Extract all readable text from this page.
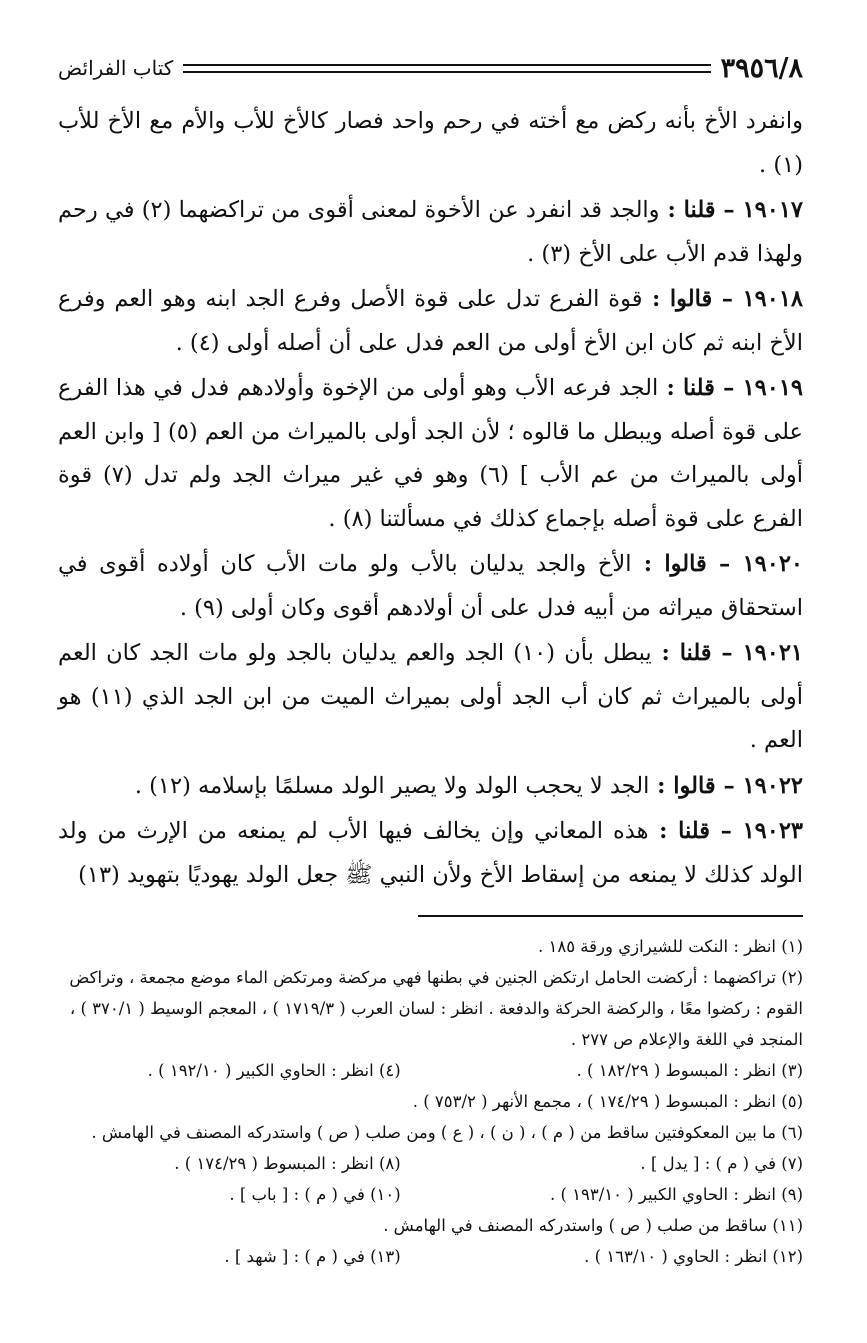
كتاب الفرائض	٣٩٥٦/٨

وانفرد الأخ بأنه ركض مع أخته في رحم واحد فصار كالأخ للأب والأم مع الأخ للأب (١) .

١٩٠١٧ – قلنا : والجد قد انفرد عن الأخوة لمعنى أقوى من تراكضهما (٢) في رحم ولهذا قدم الأب على الأخ (٣) .

١٩٠١٨ – قالوا : قوة الفرع تدل على قوة الأصل وفرع الجد ابنه وهو العم وفرع الأخ ابنه ثم كان ابن الأخ أولى من العم فدل على أن أصله أولى (٤) .

١٩٠١٩ – قلنا : الجد فرعه الأب وهو أولى من الإخوة وأولادهم فدل في هذا الفرع على قوة أصله ويبطل ما قالوه ؛ لأن الجد أولى بالميراث من العم (٥) [ وابن العم أولى بالميراث من عم الأب ] (٦) وهو في غير ميراث الجد ولم تدل (٧) قوة الفرع على قوة أصله بإجماع كذلك في مسألتنا (٨) .

١٩٠٢٠ – قالوا : الأخ والجد يدليان بالأب ولو مات الأب كان أولاده أقوى في استحقاق ميراثه من أبيه فدل على أن أولادهم أقوى وكان أولى (٩) .

١٩٠٢١ – قلنا : يبطل بأن (١٠) الجد والعم يدليان بالجد ولو مات الجد كان العم أولى بالميراث ثم كان أب الجد أولى بميراث الميت من ابن الجد الذي (١١) هو العم .

١٩٠٢٢ – قالوا : الجد لا يحجب الولد ولا يصير الولد مسلمًا بإسلامه (١٢) .

١٩٠٢٣ – قلنا : هذه المعاني وإن يخالف فيها الأب لم يمنعه من الإرث من ولد الولد كذلك لا يمنعه من إسقاط الأخ ولأن النبي ﷺ جعل الولد يهوديًا بتهويد (١٣)

(١) انظر : النكت للشيرازي ورقة ١٨٥ .

(٢) تراكضهما : أركضت الحامل ارتكض الجنين في بطنها فهي مركضة ومرتكض الماء موضع مجمعة ، وتراكض القوم : ركضوا معًا ، والركضة الحركة والدفعة . انظر : لسان العرب ( ١٧١٩/٣ ) ، المعجم الوسيط ( ٣٧٠/١ ) ، المنجد في اللغة والإعلام ص ٢٧٧ .

(٣) انظر : المبسوط ( ١٨٢/٢٩ ) .
(٤) انظر : الحاوي الكبير ( ١٩٢/١٠ ) .

(٥) انظر : المبسوط ( ١٧٤/٢٩ ) ، مجمع الأنهر ( ٧٥٣/٢ ) .

(٦) ما بين المعكوفتين ساقط من ( م ) ، ( ن ) ، ( ع ) ومن صلب ( ص ) واستدركه المصنف في الهامش .

(٧) في ( م ) : [ يدل ] .
(٨) انظر : المبسوط ( ١٧٤/٢٩ ) .
(٩) انظر : الحاوي الكبير ( ١٩٣/١٠ ) .
(١٠) في ( م ) : [ باب ] .

(١١) ساقط من صلب ( ص ) واستدركه المصنف في الهامش .

(١٢) انظر : الحاوي ( ١٦٣/١٠ ) .
(١٣) في ( م ) : [ شهد ] .
